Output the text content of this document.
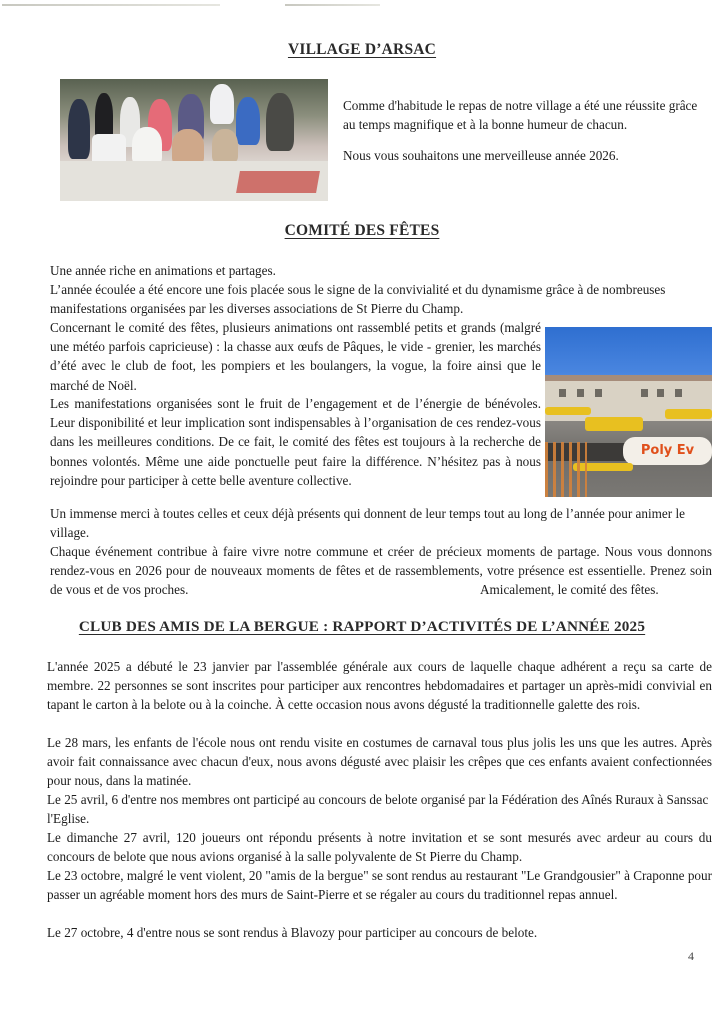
VILLAGE D’ARSAC

Comme d'habitude le repas de notre village a été une réussite grâce au temps magnifique et à la bonne humeur de chacun.

Nous vous souhaitons une merveilleuse année 2026.

COMITÉ DES FÊTES

Une année riche en animations et partages.

L’année écoulée a été encore une fois placée sous le signe de la convivialité et du dynamisme grâce à de nombreuses manifestations organisées par les diverses associations de St Pierre du Champ.

Concernant le comité des fêtes, plusieurs animations ont rassemblé petits et grands (malgré une météo parfois capricieuse) : la chasse aux œufs de Pâques, le vide - grenier, les marchés d’été avec le club de foot, les pompiers et les boulangers, la vogue, la foire ainsi que le marché de Noël.

Les manifestations organisées sont le fruit de l’engagement et de l’énergie de bénévoles. Leur disponibilité et leur implication sont indispensables à l’organisation de ces rendez-vous dans les meilleures conditions. De ce fait, le comité des fêtes est toujours à la recherche de bonnes volontés. Même une aide ponctuelle peut faire la différence. N’hésitez pas à nous rejoindre pour participer à cette belle aventure collective.

Poly Ev

Un immense merci à toutes celles et ceux déjà présents qui donnent de leur temps tout au long de l’année pour animer le village.

Chaque événement contribue à faire vivre notre commune et créer de précieux moments de partage. Nous vous donnons rendez-vous en 2026 pour de nouveaux moments de fêtes et de rassemblements, votre présence est essentielle. Prenez soin de vous et de vos proches.	Amicalement, le comité des fêtes.
CLUB DES AMIS DE LA BERGUE : RAPPORT D’ACTIVITÉS DE L’ANNÉE 2025

L'année 2025 a débuté le 23 janvier par l'assemblée générale aux cours de laquelle chaque adhérent a reçu sa carte de membre. 22 personnes se sont inscrites pour participer aux rencontres hebdomadaires et partager un après-midi convivial en tapant le carton à la belote ou à la coinche. À cette occasion nous avons dégusté la traditionnelle galette des rois.

Le 28 mars, les enfants de l'école nous ont rendu visite en costumes de carnaval tous plus jolis les uns que les autres. Après avoir fait connaissance avec chacun d'eux, nous avons dégusté avec plaisir les crêpes que ces enfants avaient confectionnées pour nous, dans la matinée.

Le 25 avril, 6 d'entre nos membres ont participé au concours de belote organisé par la Fédération des Aînés Ruraux à Sanssac l'Eglise.

Le dimanche 27 avril, 120 joueurs ont répondu présents à notre invitation et se sont mesurés avec ardeur au cours du concours de belote que nous avions organisé à la salle polyvalente de St Pierre du Champ.

Le 23 octobre, malgré le vent violent, 20 "amis de la bergue" se sont rendus au restaurant "Le Grandgousier" à Craponne pour passer un agréable moment hors des murs de Saint-Pierre et se régaler au cours du traditionnel repas annuel.

Le 27 octobre, 4 d'entre nous se sont rendus à Blavozy pour participer au concours de belote.

4
